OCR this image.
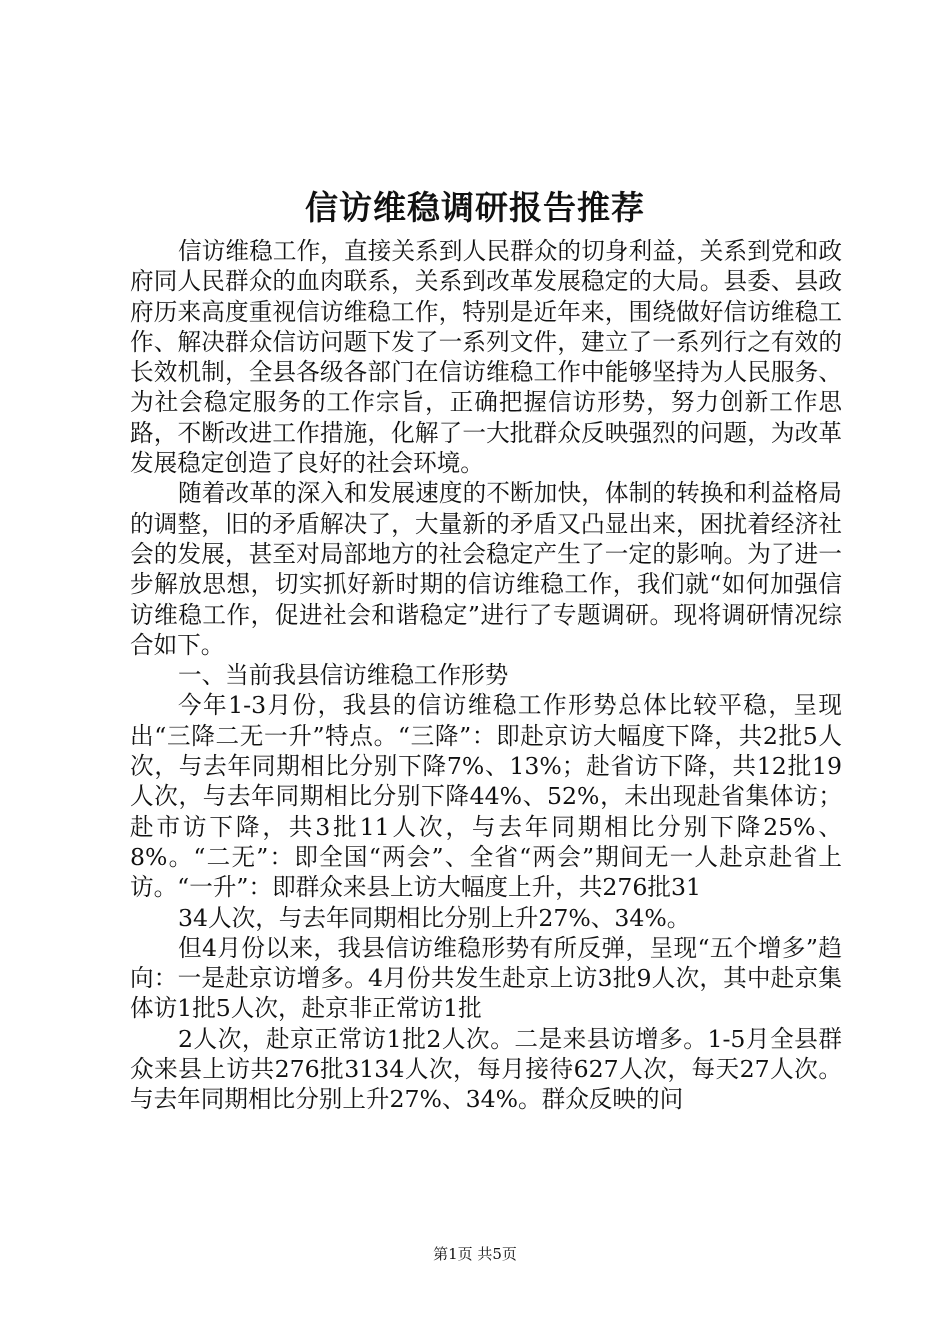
信访维稳调研报告推荐

信访维稳工作，直接关系到人民群众的切身利益，关系到党和政府同人民群众的血肉联系，关系到改革发展稳定的大局。县委、县政府历来高度重视信访维稳工作，特别是近年来，围绕做好信访维稳工作、解决群众信访问题下发了一系列文件，建立了一系列行之有效的长效机制，全县各级各部门在信访维稳工作中能够坚持为人民服务、为社会稳定服务的工作宗旨，正确把握信访形势，努力创新工作思路，不断改进工作措施，化解了一大批群众反映强烈的问题，为改革发展稳定创造了良好的社会环境。

随着改革的深入和发展速度的不断加快，体制的转换和利益格局的调整，旧的矛盾解决了，大量新的矛盾又凸显出来，困扰着经济社会的发展，甚至对局部地方的社会稳定产生了一定的影响。为了进一步解放思想，切实抓好新时期的信访维稳工作，我们就“如何加强信访维稳工作，促进社会和谐稳定”进行了专题调研。现将调研情况综合如下。

一、当前我县信访维稳工作形势

今年1-3月份，我县的信访维稳工作形势总体比较平稳，呈现出“三降二无一升”特点。“三降”：即赴京访大幅度下降，共2批5人次，与去年同期相比分别下降7%、13%；赴省访下降，共12批19人次，与去年同期相比分别下降44%、52%，未出现赴省集体访；赴市访下降，共3批11人次，与去年同期相比分别下降25%、8%。“二无”：即全国“两会”、全省“两会”期间无一人赴京赴省上访。“一升”：即群众来县上访大幅度上升，共276批31

34人次，与去年同期相比分别上升27%、34%。

但4月份以来，我县信访维稳形势有所反弹，呈现“五个增多”趋向：一是赴京访增多。4月份共发生赴京上访3批9人次，其中赴京集体访1批5人次，赴京非正常访1批

2人次，赴京正常访1批2人次。二是来县访增多。1-5月全县群众来县上访共276批3134人次，每月接待627人次，每天27人次。与去年同期相比分别上升27%、34%。群众反映的问

第1页 共5页
